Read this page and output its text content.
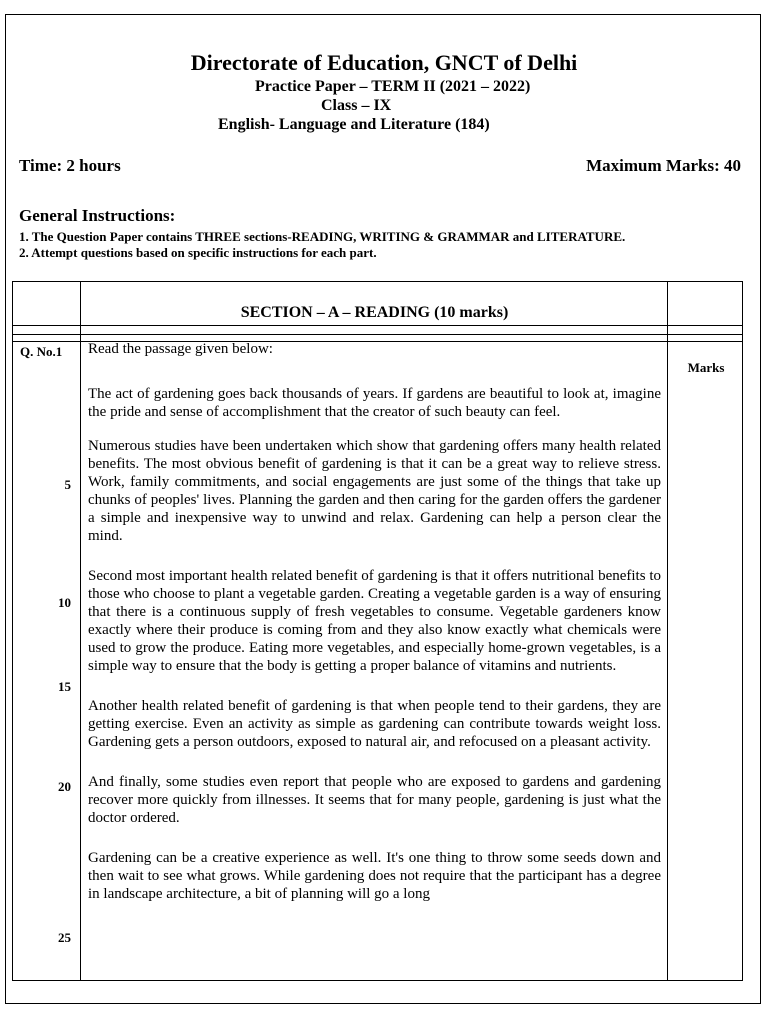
Directorate of Education, GNCT of Delhi
Practice Paper – TERM II (2021 – 2022)
Class – IX
English- Language and Literature (184)
Time: 2 hours	Maximum Marks: 40
General Instructions:
1. The Question Paper contains THREE sections-READING, WRITING & GRAMMAR and LITERATURE.
2. Attempt questions based on specific instructions for each part.
SECTION – A – READING (10 marks)
Q. No.1
Marks
5
10
15
20
25

Read the passage given below:

The act of gardening goes back thousands of years. If gardens are beautiful to look at, imagine the pride and sense of accomplishment that the creator of such beauty can feel.

Numerous studies have been undertaken which show that gardening offers many health related benefits. The most obvious benefit of gardening is that it can be a great way to relieve stress. Work, family commitments, and social engagements are just some of the things that take up chunks of peoples' lives. Planning the garden and then caring for the garden offers the gardener a simple and inexpensive way to unwind and relax. Gardening can help a person clear the mind.

Second most important health related benefit of gardening is that it offers nutritional benefits to those who choose to plant a vegetable garden. Creating a vegetable garden is a way of ensuring that there is a continuous supply of fresh vegetables to consume. Vegetable gardeners know exactly where their produce is coming from and they also know exactly what chemicals were used to grow the produce. Eating more vegetables, and especially home-grown vegetables, is a simple way to ensure that the body is getting a proper balance of vitamins and nutrients.

Another health related benefit of gardening is that when people tend to their gardens, they are getting exercise. Even an activity as simple as gardening can contribute towards weight loss. Gardening gets a person outdoors, exposed to natural air, and refocused on a pleasant activity.

And finally, some studies even report that people who are exposed to gardens and gardening recover more quickly from illnesses. It seems that for many people, gardening is just what the doctor ordered.

Gardening can be a creative experience as well. It's one thing to throw some seeds down and then wait to see what grows. While gardening does not require that the participant has a degree in landscape architecture, a bit of planning will go a long
